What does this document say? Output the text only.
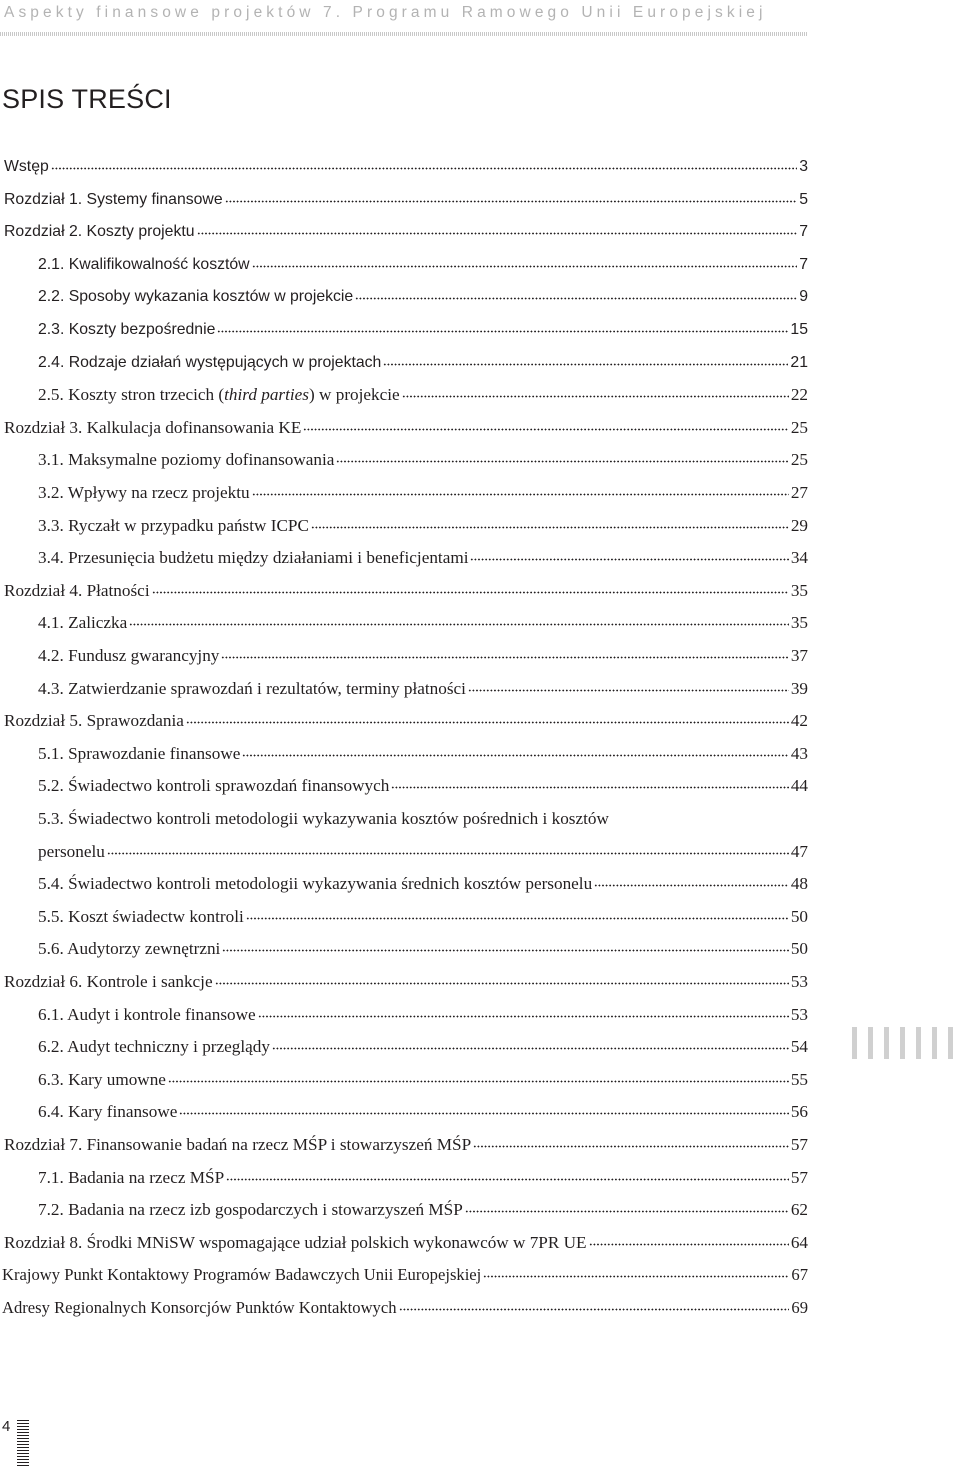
Aspekty finansowe projektów 7. Programu Ramowego Unii Europejskiej
SPIS TREŚCI
Wstęp	3
Rozdział 1. Systemy finansowe	5
Rozdział 2. Koszty projektu	7
2.1. Kwalifikowalność kosztów	7
2.2. Sposoby wykazania kosztów w projekcie	9
2.3. Koszty bezpośrednie	15
2.4. Rodzaje działań występujących w projektach	21
2.5. Koszty stron trzecich (third parties) w projekcie	22
Rozdział 3. Kalkulacja dofinansowania KE	25
3.1. Maksymalne poziomy dofinansowania	25
3.2. Wpływy na rzecz projektu	27
3.3. Ryczałt w przypadku państw ICPC	29
3.4. Przesunięcia budżetu między działaniami i beneficjentami	34
Rozdział 4. Płatności	35
4.1. Zaliczka	35
4.2. Fundusz gwarancyjny	37
4.3. Zatwierdzanie sprawozdań i rezultatów, terminy płatności	39
Rozdział 5. Sprawozdania	42
5.1. Sprawozdanie finansowe	43
5.2. Świadectwo kontroli sprawozdań finansowych	44
5.3. Świadectwo kontroli metodologii wykazywania kosztów pośrednich i kosztów
personelu	47
5.4. Świadectwo kontroli metodologii wykazywania średnich kosztów personelu	48
5.5. Koszt świadectw kontroli	50
5.6. Audytorzy zewnętrzni	50
Rozdział 6. Kontrole i sankcje	53
6.1. Audyt i kontrole finansowe	53
6.2. Audyt techniczny i przeglądy	54
6.3. Kary umowne	55
6.4. Kary finansowe	56
Rozdział 7. Finansowanie badań na rzecz MŚP i stowarzyszeń MŚP	57
7.1. Badania na rzecz MŚP	57
7.2. Badania na rzecz izb gospodarczych i stowarzyszeń MŚP	62
Rozdział 8. Środki MNiSW wspomagające udział polskich wykonawców w 7PR UE	64
Krajowy Punkt Kontaktowy Programów Badawczych Unii Europejskiej	67
Adresy Regionalnych Konsorcjów Punktów Kontaktowych	69
4
